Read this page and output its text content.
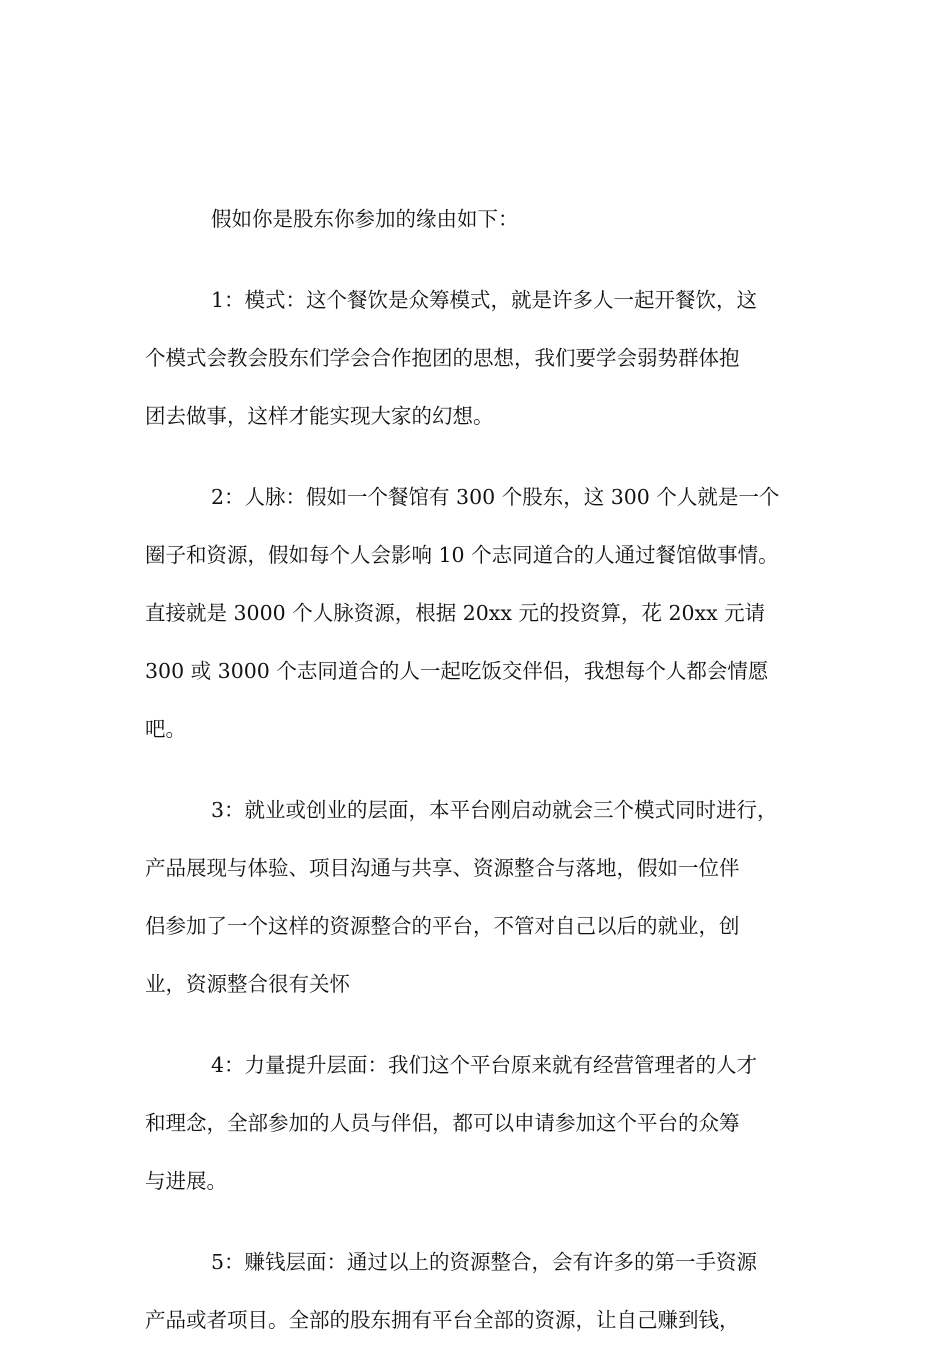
假如你是股东你参加的缘由如下：

1：模式：这个餐饮是众筹模式，就是许多人一起开餐饮，这
个模式会教会股东们学会合作抱团的思想，我们要学会弱势群体抱
团去做事，这样才能实现大家的幻想。

2：人脉：假如一个餐馆有 300 个股东，这 300 个人就是一个
圈子和资源，假如每个人会影响 10 个志同道合的人通过餐馆做事情。
直接就是 3000 个人脉资源，根据 20xx 元的投资算，花 20xx 元请
300 或 3000 个志同道合的人一起吃饭交伴侣，我想每个人都会情愿
吧。

3：就业或创业的层面，本平台刚启动就会三个模式同时进行，
产品展现与体验、项目沟通与共享、资源整合与落地，假如一位伴
侣参加了一个这样的资源整合的平台，不管对自己以后的就业，创
业，资源整合很有关怀

4：力量提升层面：我们这个平台原来就有经营管理者的人才
和理念，全部参加的人员与伴侣，都可以申请参加这个平台的众筹
与进展。

5：赚钱层面：通过以上的资源整合，会有许多的第一手资源
产品或者项目。全部的股东拥有平台全部的资源，让自己赚到钱，
